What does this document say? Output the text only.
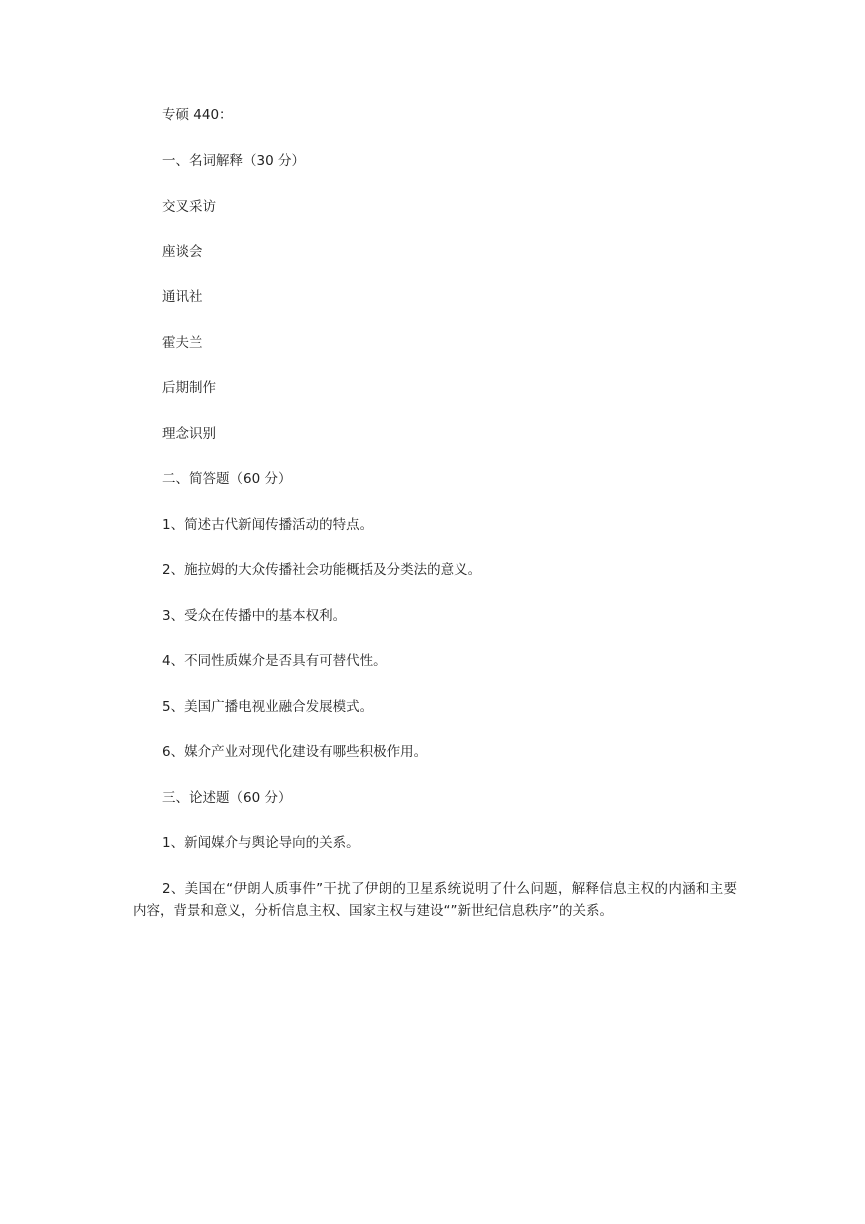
专硕 440：
一、名词解释（30 分）
交叉采访
座谈会
通讯社
霍夫兰
后期制作
理念识别
二、简答题（60 分）
1、简述古代新闻传播活动的特点。
2、施拉姆的大众传播社会功能概括及分类法的意义。
3、受众在传播中的基本权利。
4、不同性质媒介是否具有可替代性。
5、美国广播电视业融合发展模式。
6、媒介产业对现代化建设有哪些积极作用。
三、论述题（60 分）
1、新闻媒介与舆论导向的关系。
2、美国在“伊朗人质事件”干扰了伊朗的卫星系统说明了什么问题，解释信息主权的内涵和主要内容，背景和意义，分析信息主权、国家主权与建设“”新世纪信息秩序”的关系。
